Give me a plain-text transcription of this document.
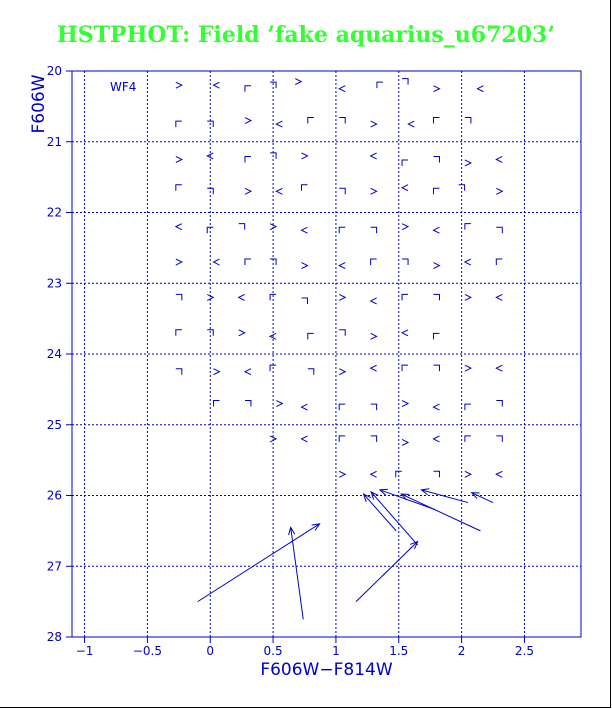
HSTPHOT: Field ’fake aquarius_u67203’
−1	−0.5	0	0.5	1	1.5	2	2.5
20
21
22
23
24
25
26
27
28
F606W−F814W
F606W	WF4
